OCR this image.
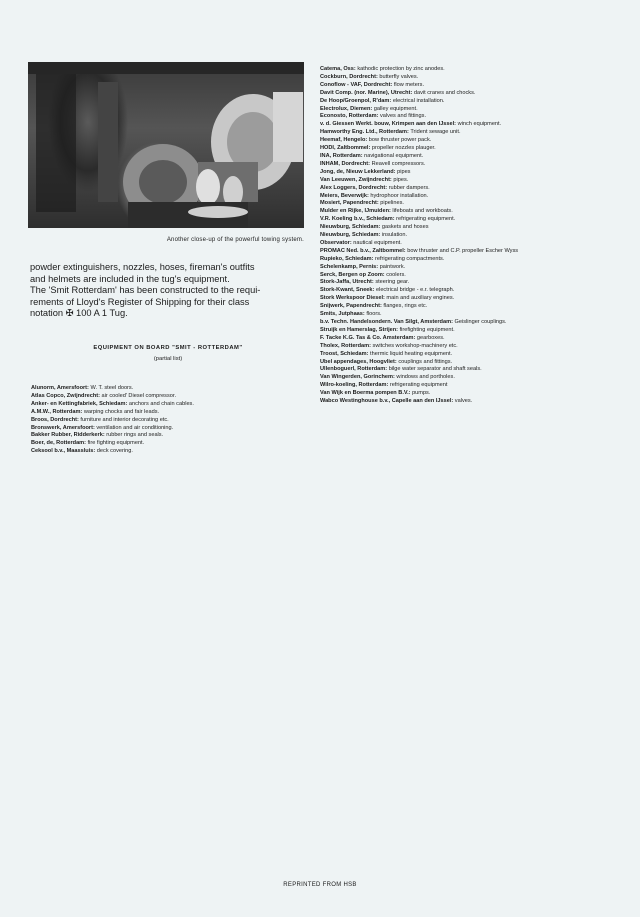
Another close-up of the powerful towing system.
powder extinguishers, nozzles, hoses, fireman's outfits
and helmets are included in the tug's equipment.
The 'Smit Rotterdam' has been constructed to the requi-
rements of Lloyd's Register of Shipping for their class
notation ✠ 100 A 1 Tug.
EQUIPMENT ON BOARD "SMIT - ROTTERDAM"
(partial list)
Alunorm, Amersfoort: W. T. steel doors.
Atlas Copco, Zwijndrecht: air cooled' Diesel compressor.
Anker- en Kettingfabriek, Schiedam: anchors and chain cables.
A.M.W., Rotterdam: warping chocks and fair leads.
Broos, Dordrecht: furniture and interior decorating etc.
Bronswerk, Amersfoort: ventilation and air conditioning.
Bakker Rubber, Ridderkerk: rubber rings and seals.
Boer, de, Rotterdam: fire fighting equipment.
Ceksool b.v., Maassluis: deck covering.
Catema, Oss: kathodic protection by zinc anodes.
Cockburn, Dordrecht: butterfly valves.
Conoflow - VAF, Dordrecht: flow meters.
Davit Comp. (nor. Marine), Utrecht: davit cranes and chocks.
De Hoop/Groenpol, R'dam: electrical installation.
Electrolux, Diemen: galley equipment.
Econosto, Rotterdam: valves and fittings.
v. d. Giessen Werkt. bouw, Krimpen aan den IJssel: winch equipment.
Hamworthy Eng. Ltd., Rotterdam: Trident sewage unit.
Heemaf, Hengelo: bow thruster power pack.
HODI, Zaltbommel: propeller nozzles plauger.
INA, Rotterdam: navigational equipment.
INHAM, Dordrecht: Reavell compressors.
Jong, de, Nieuw Lekkerland: pipes
Van Leeuwen, Zwijndrecht: pipes.
Alex Loggers, Dordrecht: rubber dampers.
Meiers, Beverwijk: hydrophoor installation.
Mosiert, Papendrecht: pipelines.
Mulder en Rijke, IJmuiden: lifeboats and workboats.
V.R. Koeling b.v., Schiedam: refrigerating equipment.
Nieuwburg, Schiedam: gaskets and hoses
Nieuwburg, Schiedam: insulation.
Observator: nautical equipment.
PROMAC Ned. b.v., Zaltbommel: bow thruster and C.P. propeller Escher Wyss
Rupieko, Schiedam: refrigerating compactments.
Schelenkamp, Pernis: paintwork.
Serck, Bergen op Zoom: coolers.
Stork-Jaffa, Utrecht: steering gear.
Stork-Kwant, Sneek: electrical bridge - e.r. telegraph.
Stork Werkspoor Diesel: main and auxiliary engines.
Snijwerk, Papendrecht: flanges, rings etc.
Smits, Jutphaas: floors.
b.v. Techn. Handelsondern. Van Silgt, Amsterdam: Geislinger couplings.
Struijk en Hamerslag, Strijen: firefighting equipment.
F. Tacke K.G. Tas & Co. Amsterdam: gearboxes.
Tholex, Rotterdam: switches workshop-machinery etc.
Troost, Schiedam: thermic liquid heating equipment.
Ubel appendages, Hoogvliet: couplings and fittings.
Ullenboguerl, Rotterdam: bilge water separator and shaft seals.
Van Wingerden, Gorinchem: windows and portholes.
Wilro-koeling, Rotterdam: refrigerating equipment
Van Wijk en Boerma pompen B.V.: pumps.
Wabco Westinghouse b.v., Capelle aan den IJssel: valves.
REPRINTED FROM HSB
